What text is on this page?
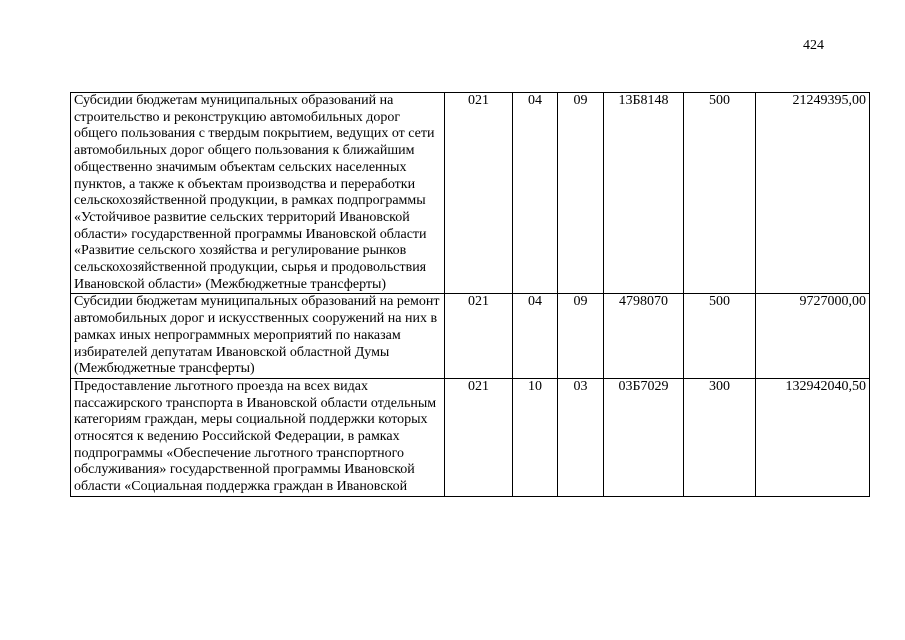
424
Субсидии бюджетам муниципальных образований на строительство и реконструкцию автомобильных дорог общего пользования с твердым покрытием, ведущих от сети автомобильных дорог общего пользования к ближайшим общественно значимым объектам сельских населенных пунктов, а также к объектам производства и переработки сельскохозяйственной продукции, в рамках подпрограммы «Устойчивое развитие сельских территорий Ивановской области» государственной программы Ивановской области «Развитие сельского хозяйства и регулирование рынков сельскохозяйственной продукции, сырья и продовольствия Ивановской области» (Межбюджетные трансферты)	021	04	09	13Б8148	500	21249395,00
Субсидии бюджетам муниципальных образований на ремонт автомобильных дорог и искусственных сооружений на них в рамках иных непрограммных мероприятий по наказам избирателей депутатам Ивановской областной Думы (Межбюджетные трансферты)	021	04	09	4798070	500	9727000,00
Предоставление льготного проезда на всех видах пассажирского транспорта в Ивановской области отдельным категориям граждан, меры социальной поддержки которых относятся к ведению Российской Федерации, в рамках подпрограммы «Обеспечение льготного транспортного обслуживания» государственной программы Ивановской области «Социальная поддержка граждан в Ивановской	021	10	03	03Б7029	300	132942040,50
